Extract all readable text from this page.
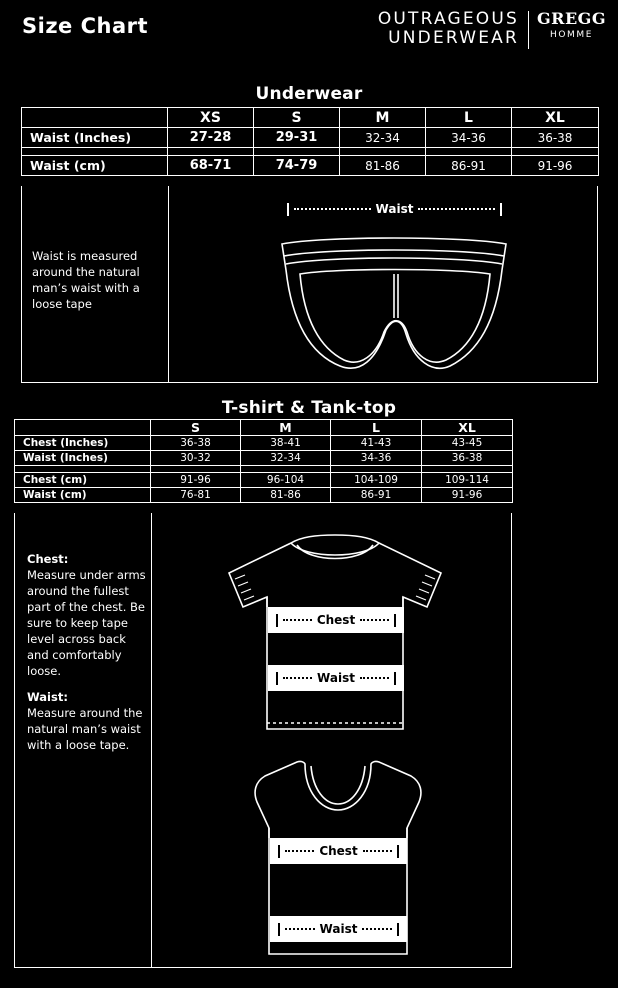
Size Chart	OUTRAGEOUS
UNDERWEAR
GREGG
HOMME
Underwear
	XS	S	M	L	XL
Waist (Inches)	27-28	29-31	32-34	34-36	36-38

Waist (cm)	68-71	74-79	81-86	86-91	91-96
Waist is measured around the natural man’s waist with a loose tape
Waist
T-shirt & Tank-top
	S	M	L	XL
Chest (Inches)	36-38	38-41	41-43	43-45
Waist (Inches)	30-32	32-34	34-36	36-38

Chest (cm)	91-96	96-104	104-109	109-114
Waist (cm)	76-81	81-86	86-91	91-96
Chest:
Measure under arms around the fullest part of the chest. Be sure to keep tape level across back and comfortably loose.
Waist:
Measure around the natural man’s waist with a loose tape.
Chest
Waist
Chest
Waist
